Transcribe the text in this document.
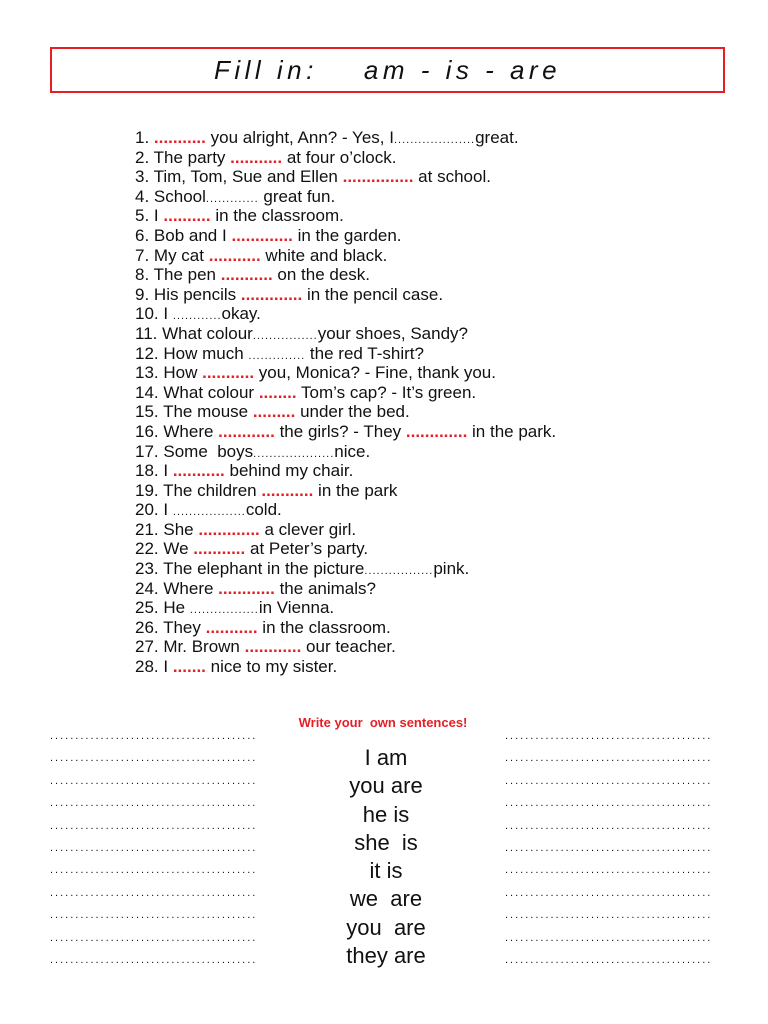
Fill in: am - is - are
1. ........... you alright, Ann? - Yes, I....................great.
2. The party ........... at four o’clock.
3. Tim, Tom, Sue and Ellen ............... at school.
4. School............. great fun.
5. I .......... in the classroom.
6. Bob and I ............. in the garden.
7. My cat ........... white and black.
8. The pen ........... on the desk.
9. His pencils ............. in the pencil case.
10. I ............okay.
11. What colour................your shoes, Sandy?
12. How much .............. the red T-shirt?
13. How ........... you, Monica? - Fine, thank you.
14. What colour ........ Tom’s cap? - It’s green.
15. The mouse ......... under the bed.
16. Where ............ the girls? - They ............. in the park.
17. Some  boys....................nice.
18. I ........... behind my chair.
19. The children ........... in the park
20. I ..................cold.
21. She ............. a clever girl.
22. We ........... at Peter’s party.
23. The elephant in the picture.................pink.
24. Where ............ the animals?
25. He .................in Vienna.
26. They ........... in the classroom.
27. Mr. Brown ............ our teacher.
28. I ....... nice to my sister.
Write your  own sentences!
.........................................
.........................................
.........................................
.........................................
.........................................
.........................................
.........................................
.........................................
.........................................
.........................................
.........................................
I am
you are
he is
she  is
it is
we  are
you  are
they are
.........................................
.........................................
.........................................
.........................................
.........................................
.........................................
.........................................
.........................................
.........................................
.........................................
.........................................
